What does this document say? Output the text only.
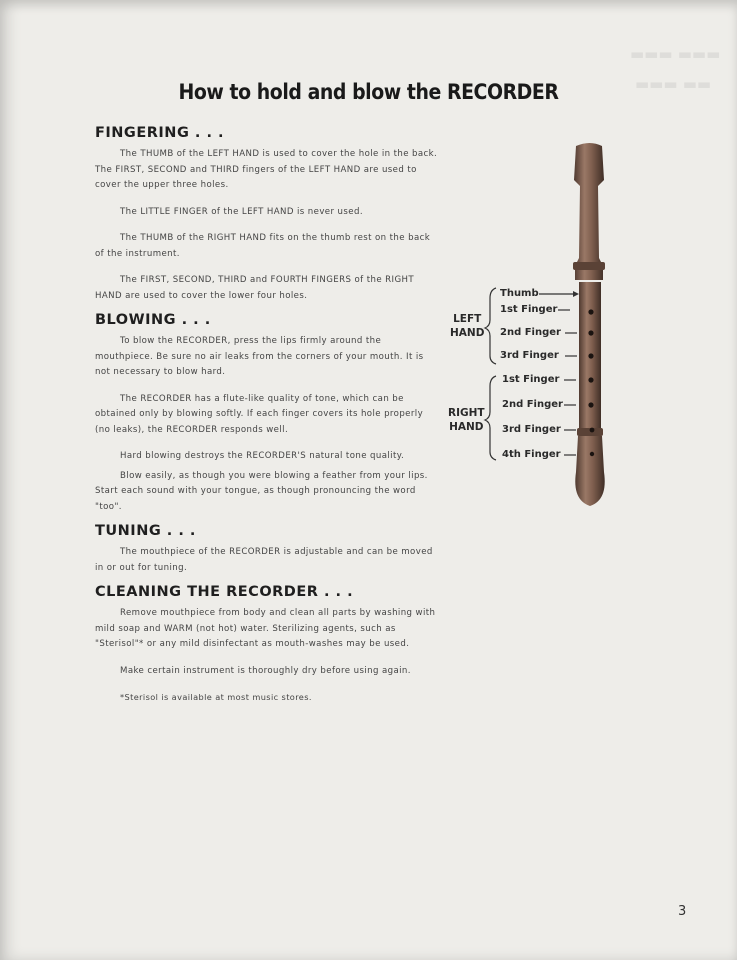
▬▬▬ ▬▬▬
▬▬▬ ▬▬
How to hold and blow the RECORDER
FINGERING . . .

The THUMB of the LEFT HAND is used to cover the hole in the back. The FIRST, SECOND and THIRD fingers of the LEFT HAND are used to cover the upper three holes.

The LITTLE FINGER of the LEFT HAND is never used.

The THUMB of the RIGHT HAND fits on the thumb rest on the back of the instrument.

The FIRST, SECOND, THIRD and FOURTH FINGERS of the RIGHT HAND are used to cover the lower four holes.

BLOWING . . .

To blow the RECORDER, press the lips firmly around the mouthpiece. Be sure no air leaks from the corners of your mouth. It is not necessary to blow hard.

The RECORDER has a flute-like quality of tone, which can be obtained only by blowing softly. If each finger covers its hole properly (no leaks), the RECORDER responds well.

Hard blowing destroys the RECORDER'S natural tone quality.

Blow easily, as though you were blowing a feather from your lips. Start each sound with your tongue, as though pronouncing the word "too".

TUNING . . .

The mouthpiece of the RECORDER is adjustable and can be moved in or out for tuning.

CLEANING THE RECORDER . . .

Remove mouthpiece from body and clean all parts by washing with mild soap and WARM (not hot) water. Sterilizing agents, such as "Sterisol"* or any mild disinfectant as mouth-washes may be used.

Make certain instrument is thoroughly dry before using again.

*Sterisol is available at most music stores.

LEFT
HAND
RIGHT
HAND
Thumb
1st Finger
2nd Finger
3rd Finger
1st Finger
2nd Finger
3rd Finger
4th Finger
3
